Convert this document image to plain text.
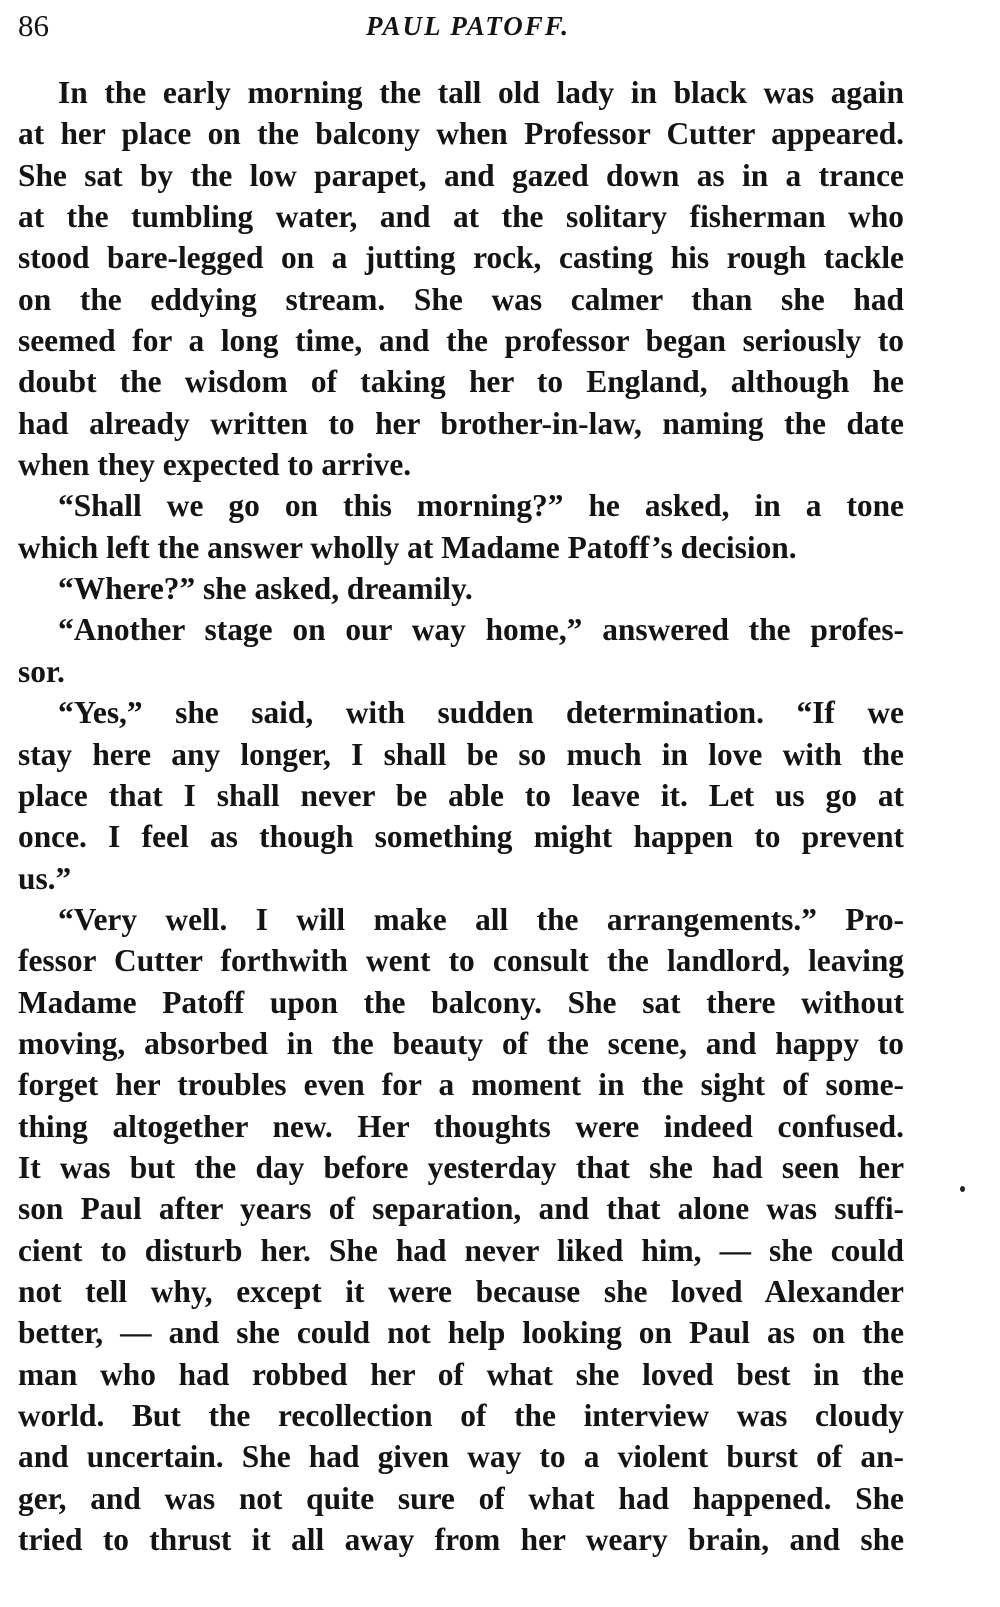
86	PAUL PATOFF.
In the early morning the tall old lady in black was again
at her place on the balcony when Professor Cutter appeared.
She sat by the low parapet, and gazed down as in a trance
at the tumbling water, and at the solitary fisherman who
stood bare-legged on a jutting rock, casting his rough tackle
on the eddying stream. She was calmer than she had
seemed for a long time, and the professor began seriously to
doubt the wisdom of taking her to England, although he
had already written to her brother-in-law, naming the date
when they expected to arrive.
“Shall we go on this morning?” he asked, in a tone
which left the answer wholly at Madame Patoff’s decision.
“Where?” she asked, dreamily.
“Another stage on our way home,” answered the profes-
sor.
“Yes,” she said, with sudden determination. “If we
stay here any longer, I shall be so much in love with the
place that I shall never be able to leave it. Let us go at
once. I feel as though something might happen to prevent
us.”
“Very well. I will make all the arrangements.” Pro-
fessor Cutter forthwith went to consult the landlord, leaving
Madame Patoff upon the balcony. She sat there without
moving, absorbed in the beauty of the scene, and happy to
forget her troubles even for a moment in the sight of some-
thing altogether new. Her thoughts were indeed confused.
It was but the day before yesterday that she had seen her
son Paul after years of separation, and that alone was suffi-
cient to disturb her. She had never liked him, — she could
not tell why, except it were because she loved Alexander
better, — and she could not help looking on Paul as on the
man who had robbed her of what she loved best in the
world. But the recollection of the interview was cloudy
and uncertain. She had given way to a violent burst of an-
ger, and was not quite sure of what had happened. She
tried to thrust it all away from her weary brain, and she
